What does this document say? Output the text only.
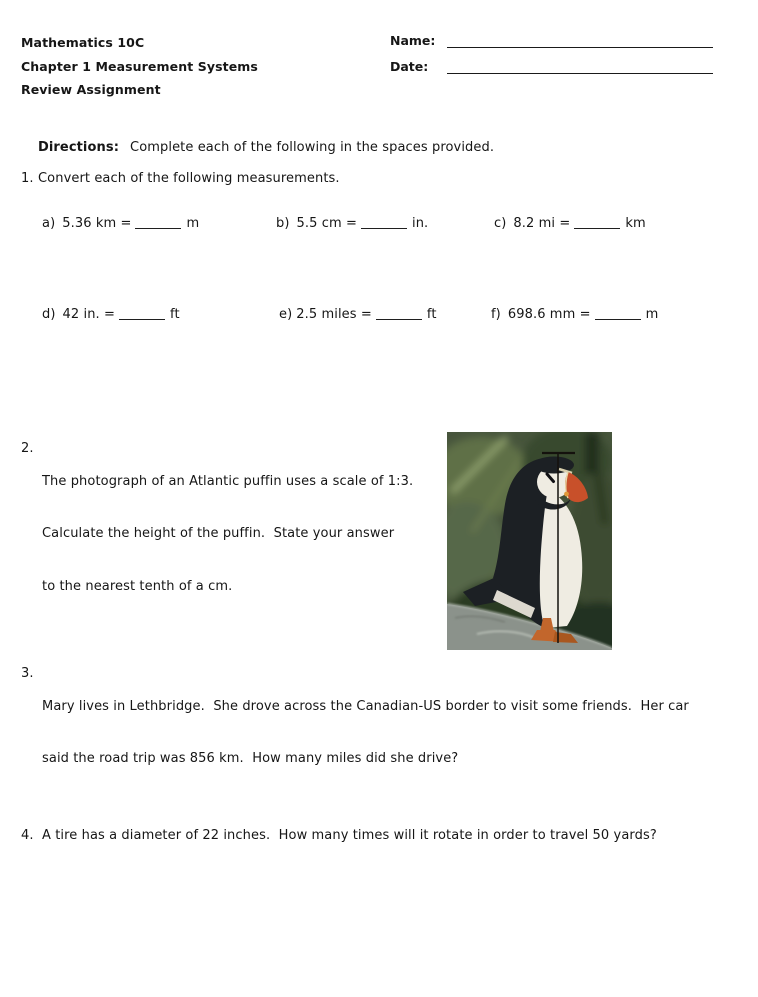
Mathematics 10C
Chapter 1 Measurement Systems
Review Assignment
Name:
Date:

Directions: Complete each of the following in the spaces provided.

1. Convert each of the following measurements.
a) 5.36 km =	m	b) 5.5 cm =	in.	c) 8.2 mi =	km
d) 42 in. =	ft	e) 2.5 miles =	ft	f) 698.6 mm =	m
2.

The photograph of an Atlantic puffin uses a scale of 1:3.

Calculate the height of the puffin.  State your answer

to the nearest tenth of a cm.

3.

Mary lives in Lethbridge.  She drove across the Canadian-US border to visit some friends.  Her car

said the road trip was 856 km.  How many miles did she drive?

4. A tire has a diameter of 22 inches.  How many times will it rotate in order to travel 50 yards?
